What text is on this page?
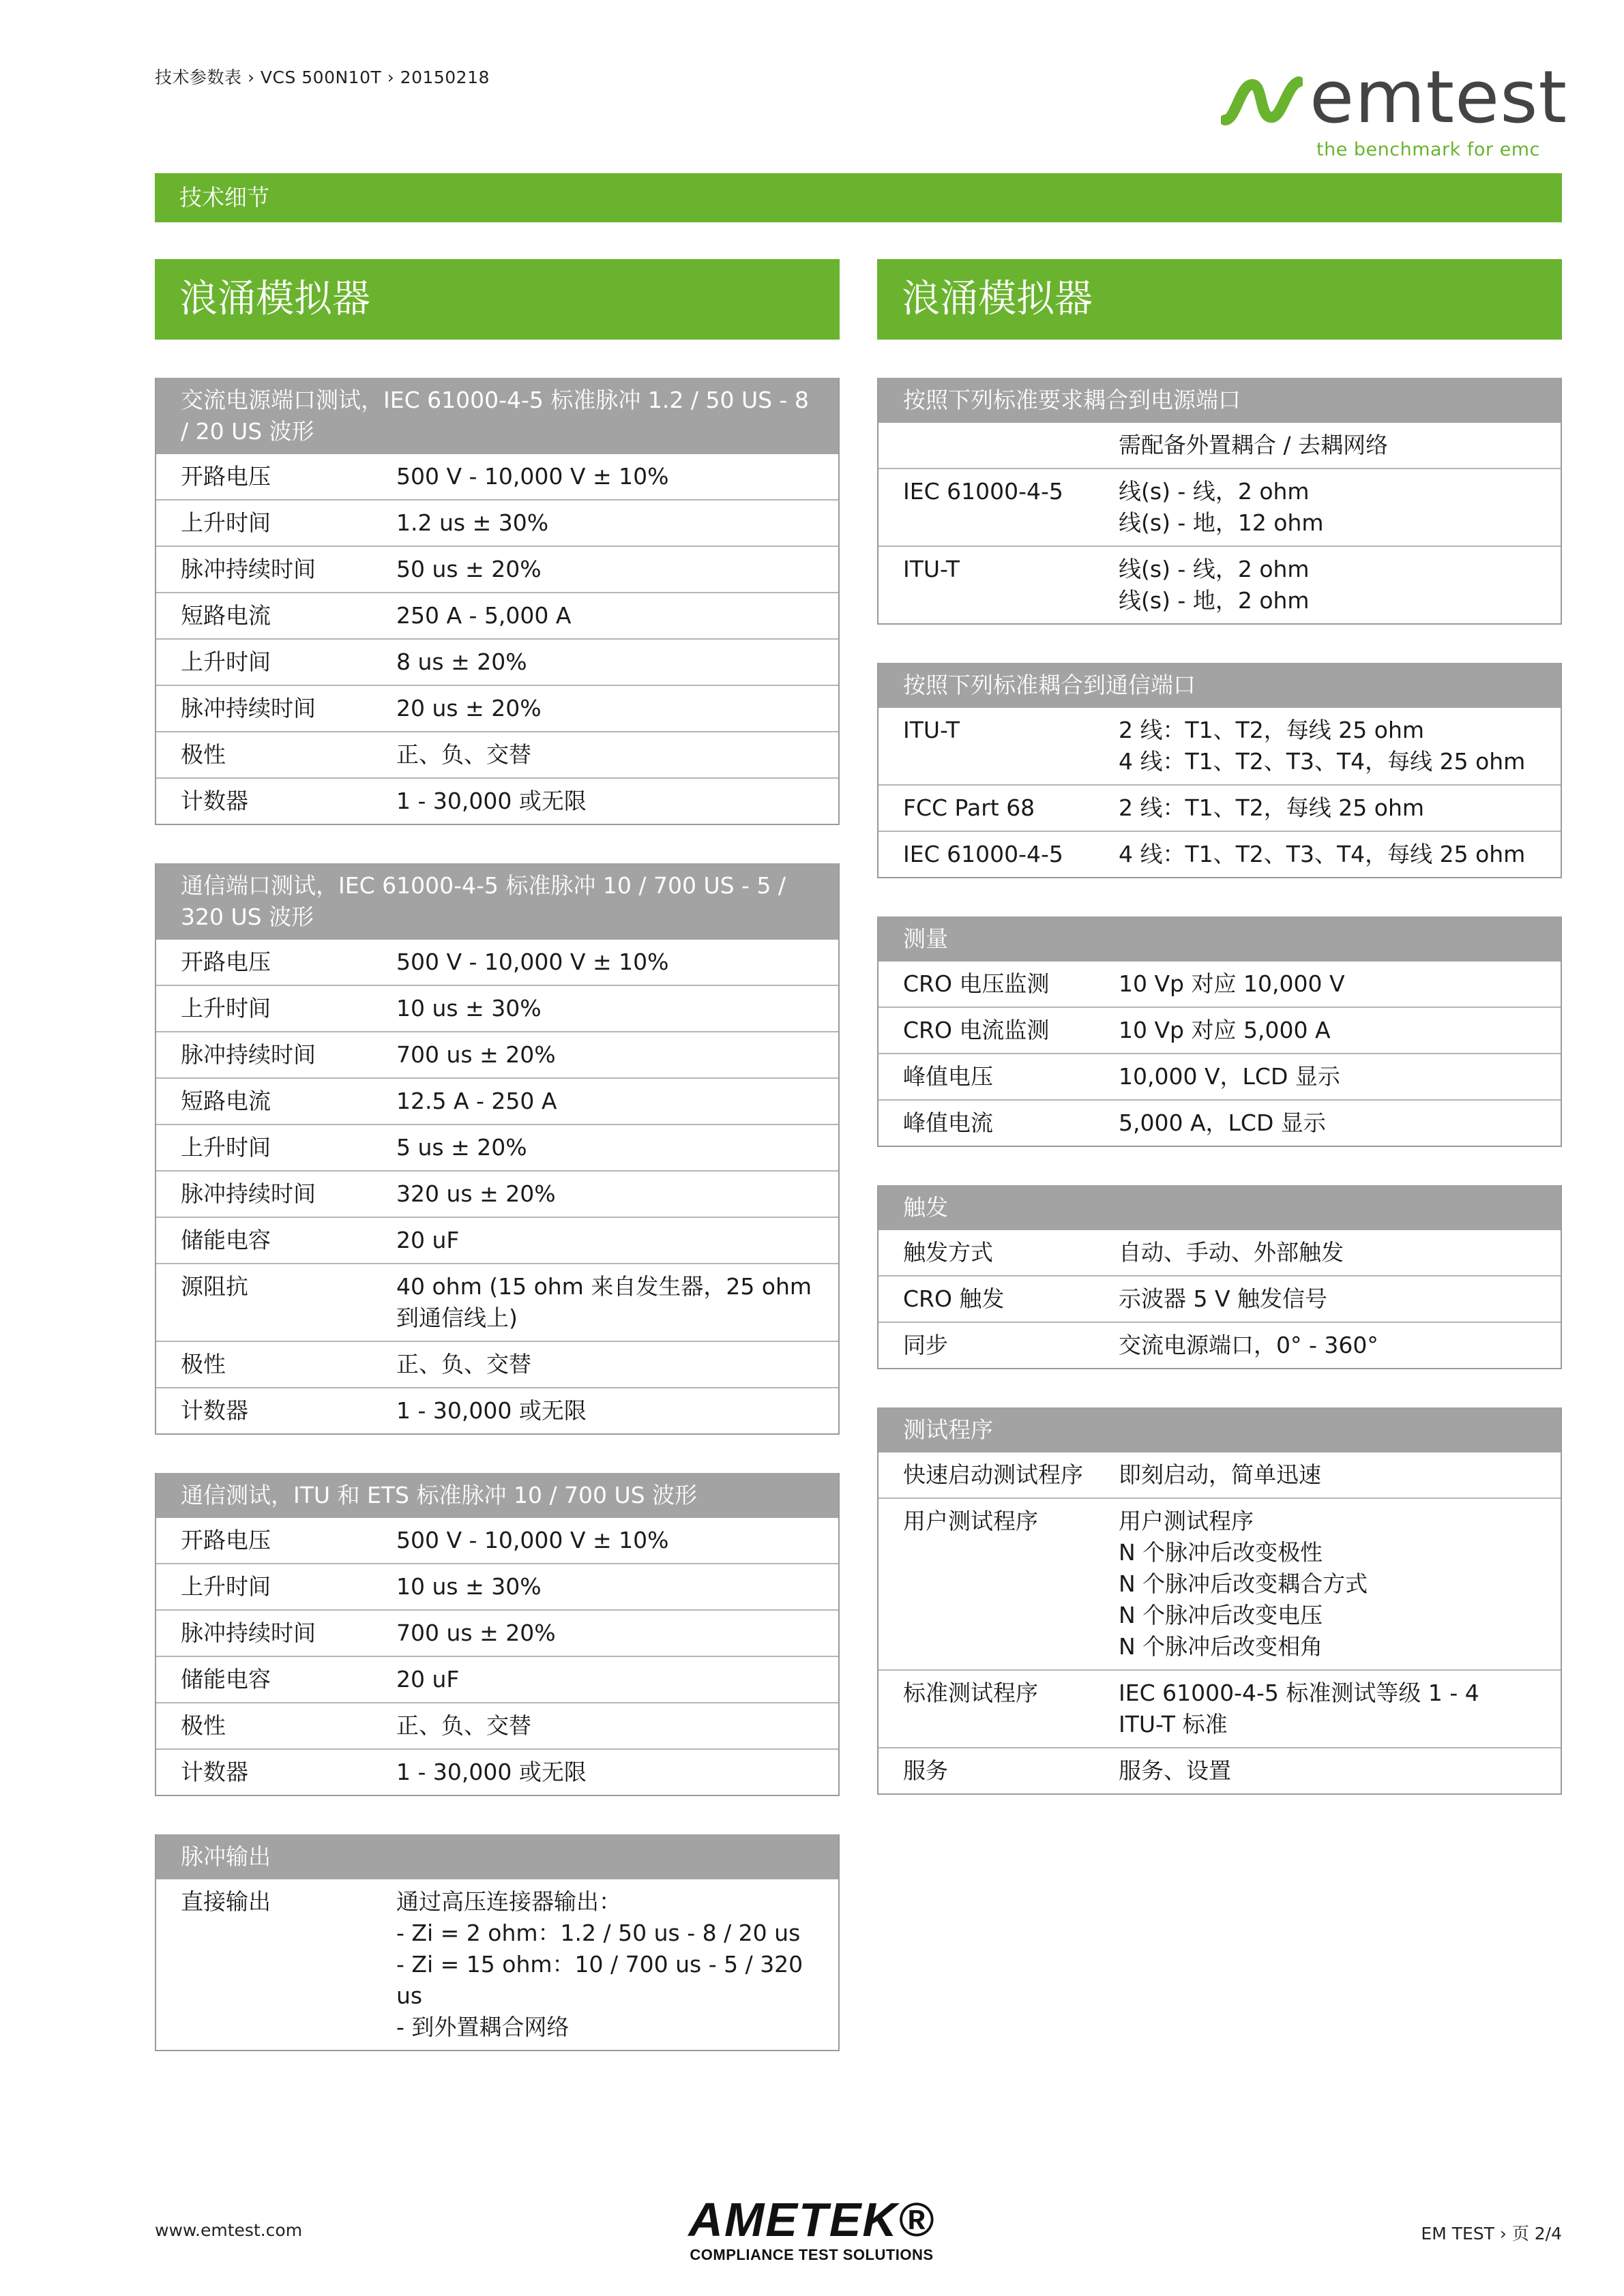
技术参数表 › VCS 500N10T › 20150218	emtest
the benchmark for emc
技术细节
浪涌模拟器
交流电源端口测试，IEC 61000-4-5 标准脉冲 1.2 / 50 US - 8 / 20 US 波形
开路电压	500 V - 10,000 V ± 10%
上升时间	1.2 us ± 30%
脉冲持续时间	50 us ± 20%
短路电流	250 A - 5,000 A
上升时间	8 us ± 20%
脉冲持续时间	20 us ± 20%
极性	正、负、交替
计数器	1 - 30,000 或无限
通信端口测试，IEC 61000-4-5 标准脉冲 10 / 700 US - 5 / 320 US 波形
开路电压	500 V - 10,000 V ± 10%
上升时间	10 us ± 30%
脉冲持续时间	700 us ± 20%
短路电流	12.5 A - 250 A
上升时间	5 us ± 20%
脉冲持续时间	320 us ± 20%
储能电容	20 uF
源阻抗	40 ohm (15 ohm 来自发生器，25 ohm 到通信线上)
极性	正、负、交替
计数器	1 - 30,000 或无限
通信测试，ITU 和 ETS 标准脉冲 10 / 700 US 波形
开路电压	500 V - 10,000 V ± 10%
上升时间	10 us ± 30%
脉冲持续时间	700 us ± 20%
储能电容	20 uF
极性	正、负、交替
计数器	1 - 30,000 或无限
脉冲输出
直接输出	通过高压连接器输出：
- Zi = 2 ohm：1.2 / 50 us - 8 / 20 us
- Zi = 15 ohm：10 / 700 us - 5 / 320 us
- 到外置耦合网络
浪涌模拟器
按照下列标准要求耦合到电源端口
需配备外置耦合 / 去耦网络
IEC 61000-4-5	线(s) - 线，2 ohm
线(s) - 地，12 ohm
ITU-T	线(s) - 线，2 ohm
线(s) - 地，2 ohm
按照下列标准耦合到通信端口
ITU-T	2 线：T1、T2，每线 25 ohm
4 线：T1、T2、T3、T4，每线 25 ohm
FCC Part 68	2 线：T1、T2，每线 25 ohm
IEC 61000-4-5	4 线：T1、T2、T3、T4，每线 25 ohm
测量
CRO 电压监测	10 Vp 对应 10,000 V
CRO 电流监测	10 Vp 对应 5,000 A
峰值电压	10,000 V，LCD 显示
峰值电流	5,000 A，LCD 显示
触发
触发方式	自动、手动、外部触发
CRO 触发	示波器 5 V 触发信号
同步	交流电源端口，0° - 360°
测试程序
快速启动测试程序	即刻启动，简单迅速
用户测试程序	用户测试程序
N 个脉冲后改变极性
N 个脉冲后改变耦合方式
N 个脉冲后改变电压
N 个脉冲后改变相角
标准测试程序	IEC 61000-4-5 标准测试等级 1 - 4
ITU-T 标准
服务	服务、设置
www.emtest.com	AMETEK®
COMPLIANCE TEST SOLUTIONS
EM TEST › 页 2/4
